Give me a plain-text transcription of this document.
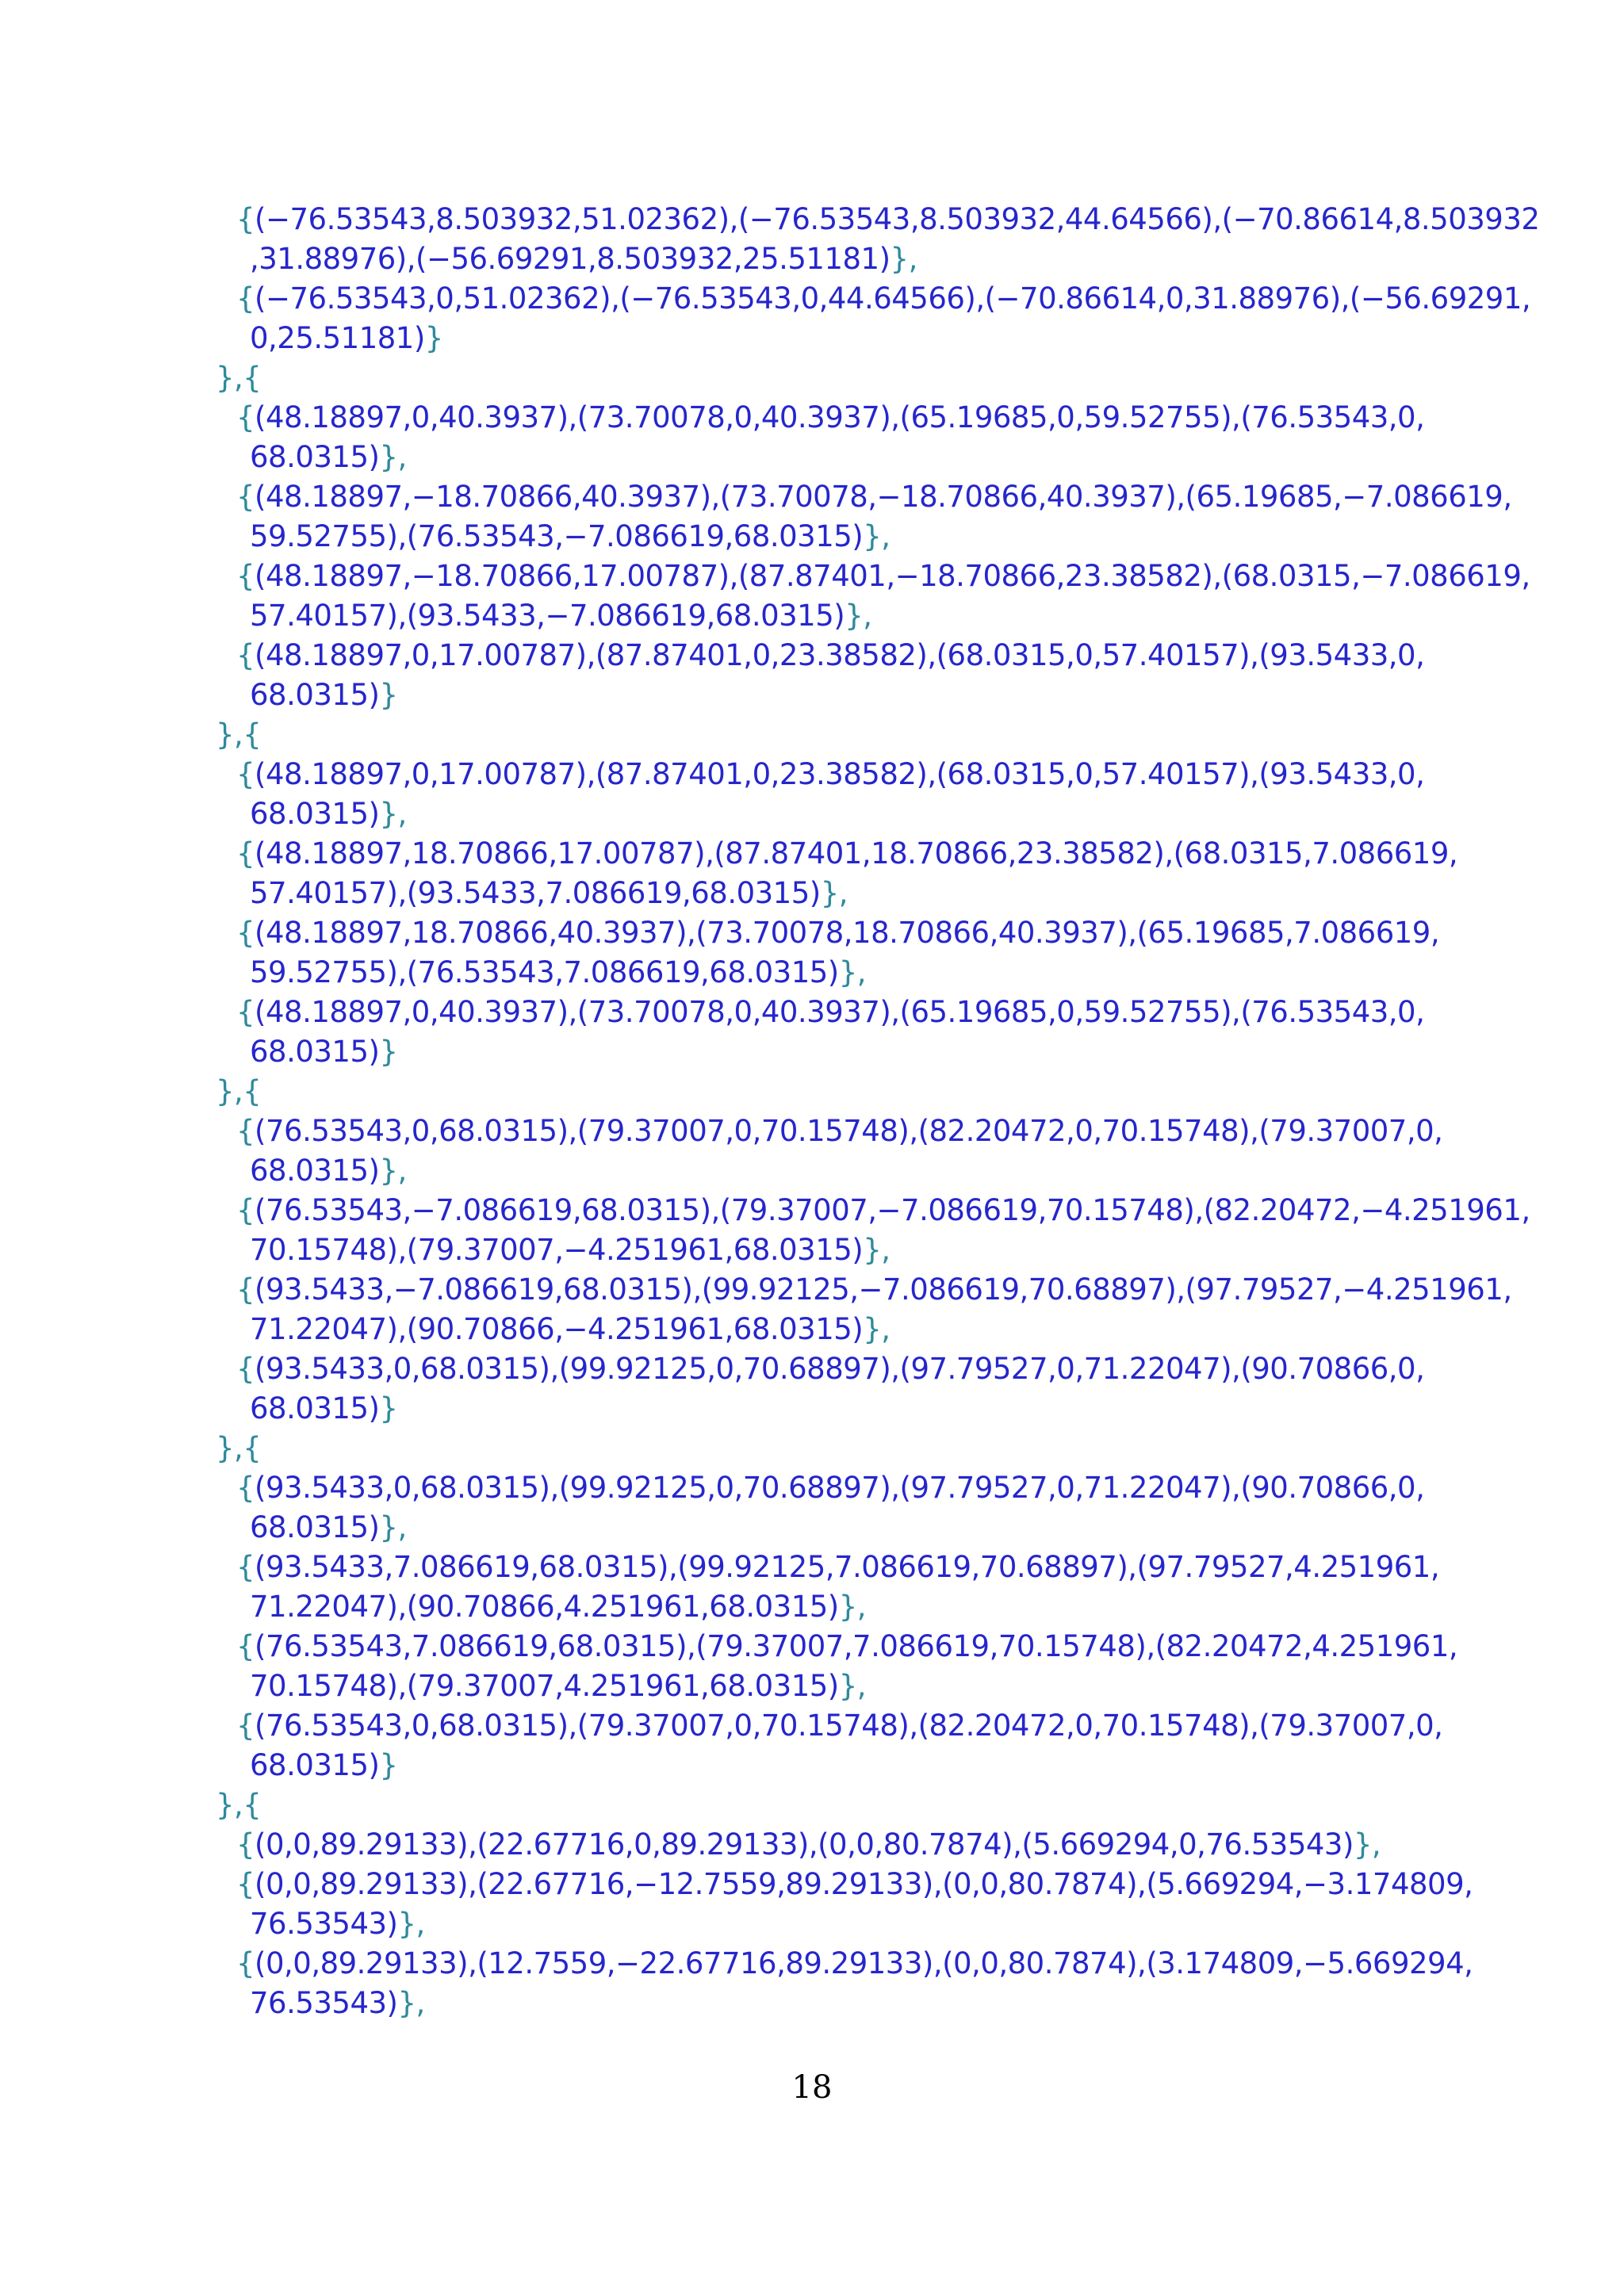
{(−76.53543,8.503932,51.02362),(−76.53543,8.503932,44.64566),(−70.86614,8.503932
,31.88976),(−56.69291,8.503932,25.51181)},
{(−76.53543,0,51.02362),(−76.53543,0,44.64566),(−70.86614,0,31.88976),(−56.69291,
0,25.51181)}
},{
{(48.18897,0,40.3937),(73.70078,0,40.3937),(65.19685,0,59.52755),(76.53543,0,
68.0315)},
{(48.18897,−18.70866,40.3937),(73.70078,−18.70866,40.3937),(65.19685,−7.086619,
59.52755),(76.53543,−7.086619,68.0315)},
{(48.18897,−18.70866,17.00787),(87.87401,−18.70866,23.38582),(68.0315,−7.086619,
57.40157),(93.5433,−7.086619,68.0315)},
{(48.18897,0,17.00787),(87.87401,0,23.38582),(68.0315,0,57.40157),(93.5433,0,
68.0315)}
},{
{(48.18897,0,17.00787),(87.87401,0,23.38582),(68.0315,0,57.40157),(93.5433,0,
68.0315)},
{(48.18897,18.70866,17.00787),(87.87401,18.70866,23.38582),(68.0315,7.086619,
57.40157),(93.5433,7.086619,68.0315)},
{(48.18897,18.70866,40.3937),(73.70078,18.70866,40.3937),(65.19685,7.086619,
59.52755),(76.53543,7.086619,68.0315)},
{(48.18897,0,40.3937),(73.70078,0,40.3937),(65.19685,0,59.52755),(76.53543,0,
68.0315)}
},{
{(76.53543,0,68.0315),(79.37007,0,70.15748),(82.20472,0,70.15748),(79.37007,0,
68.0315)},
{(76.53543,−7.086619,68.0315),(79.37007,−7.086619,70.15748),(82.20472,−4.251961,
70.15748),(79.37007,−4.251961,68.0315)},
{(93.5433,−7.086619,68.0315),(99.92125,−7.086619,70.68897),(97.79527,−4.251961,
71.22047),(90.70866,−4.251961,68.0315)},
{(93.5433,0,68.0315),(99.92125,0,70.68897),(97.79527,0,71.22047),(90.70866,0,
68.0315)}
},{
{(93.5433,0,68.0315),(99.92125,0,70.68897),(97.79527,0,71.22047),(90.70866,0,
68.0315)},
{(93.5433,7.086619,68.0315),(99.92125,7.086619,70.68897),(97.79527,4.251961,
71.22047),(90.70866,4.251961,68.0315)},
{(76.53543,7.086619,68.0315),(79.37007,7.086619,70.15748),(82.20472,4.251961,
70.15748),(79.37007,4.251961,68.0315)},
{(76.53543,0,68.0315),(79.37007,0,70.15748),(82.20472,0,70.15748),(79.37007,0,
68.0315)}
},{
{(0,0,89.29133),(22.67716,0,89.29133),(0,0,80.7874),(5.669294,0,76.53543)},
{(0,0,89.29133),(22.67716,−12.7559,89.29133),(0,0,80.7874),(5.669294,−3.174809,
76.53543)},
{(0,0,89.29133),(12.7559,−22.67716,89.29133),(0,0,80.7874),(3.174809,−5.669294,
76.53543)},
18
